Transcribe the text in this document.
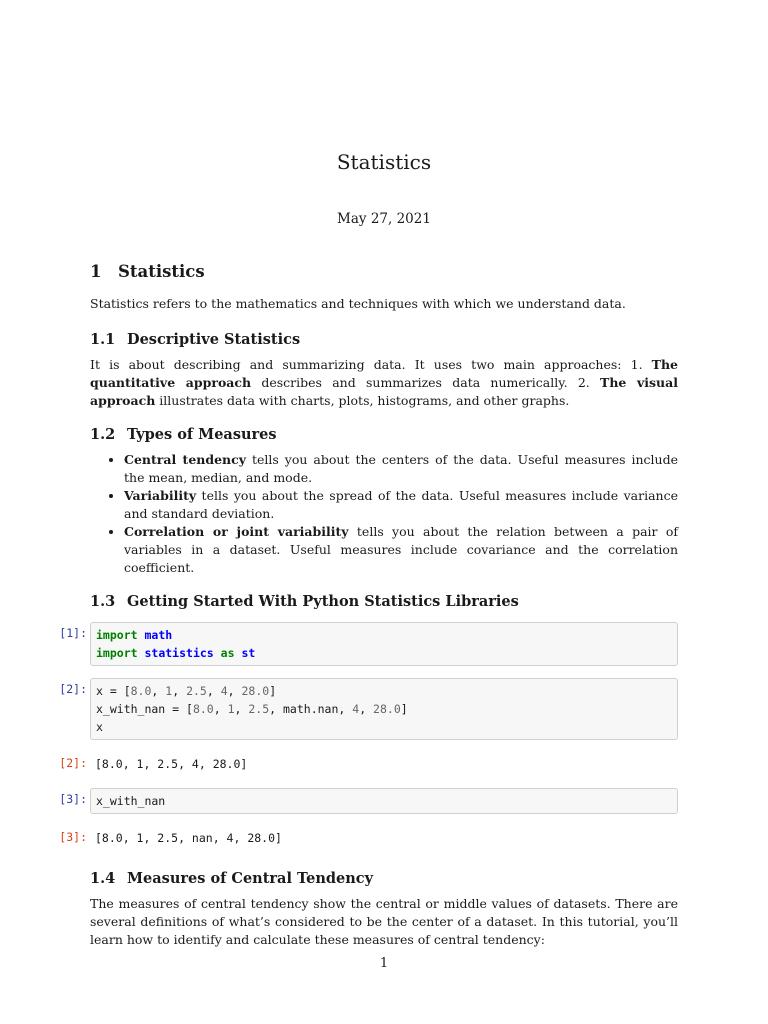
Statistics
May 27, 2021
1 Statistics

Statistics refers to the mathematics and techniques with which we understand data.

1.1 Descriptive Statistics

It is about describing and summarizing data. It uses two main approaches: 1. The quantitative approach describes and summarizes data numerically. 2. The visual approach illustrates data with charts, plots, histograms, and other graphs.

1.2 Types of Measures
• Central tendency tells you about the centers of the data. Useful measures include the mean, median, and mode.
• Variability tells you about the spread of the data. Useful measures include variance and standard deviation.
• Correlation or joint variability tells you about the relation between a pair of variables in a dataset. Useful measures include covariance and the correlation coefficient.
1.3 Getting Started With Python Statistics Libraries
[1]: import math
import statistics as st
[2]: x = [8.0, 1, 2.5, 4, 28.0]
x_with_nan = [8.0, 1, 2.5, math.nan, 4, 28.0]
x
[2]: [8.0, 1, 2.5, 4, 28.0]
[3]: x_with_nan
[3]: [8.0, 1, 2.5, nan, 4, 28.0]
1.4 Measures of Central Tendency

The measures of central tendency show the central or middle values of datasets. There are several definitions of what’s considered to be the center of a dataset. In this tutorial, you’ll learn how to identify and calculate these measures of central tendency:

1
